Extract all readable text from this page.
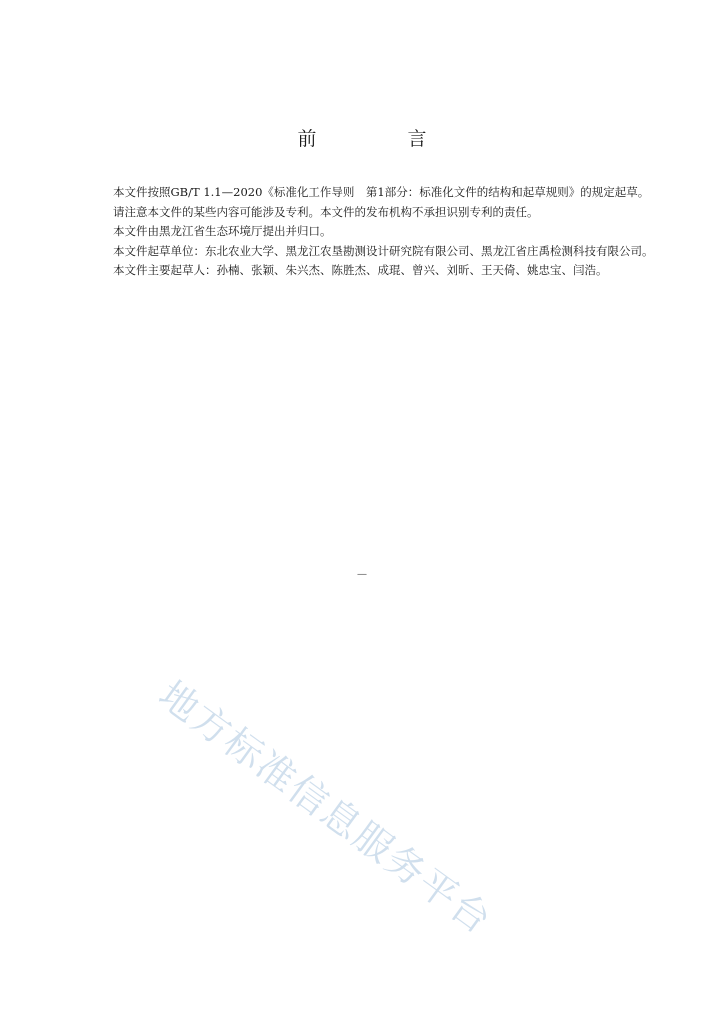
前　言

本文件按照GB/T 1.1—2020《标准化工作导则　第1部分：标准化文件的结构和起草规则》的规定起草。

请注意本文件的某些内容可能涉及专利。本文件的发布机构不承担识别专利的责任。

本文件由黑龙江省生态环境厅提出并归口。

本文件起草单位：东北农业大学、黑龙江农垦勘测设计研究院有限公司、黑龙江省庄禹检测科技有限公司。

本文件主要起草人：孙楠、张颖、朱兴杰、陈胜杰、成琨、曾兴、刘昕、王天倚、姚忠宝、闫浩。

—
地方标准信息服务平台
